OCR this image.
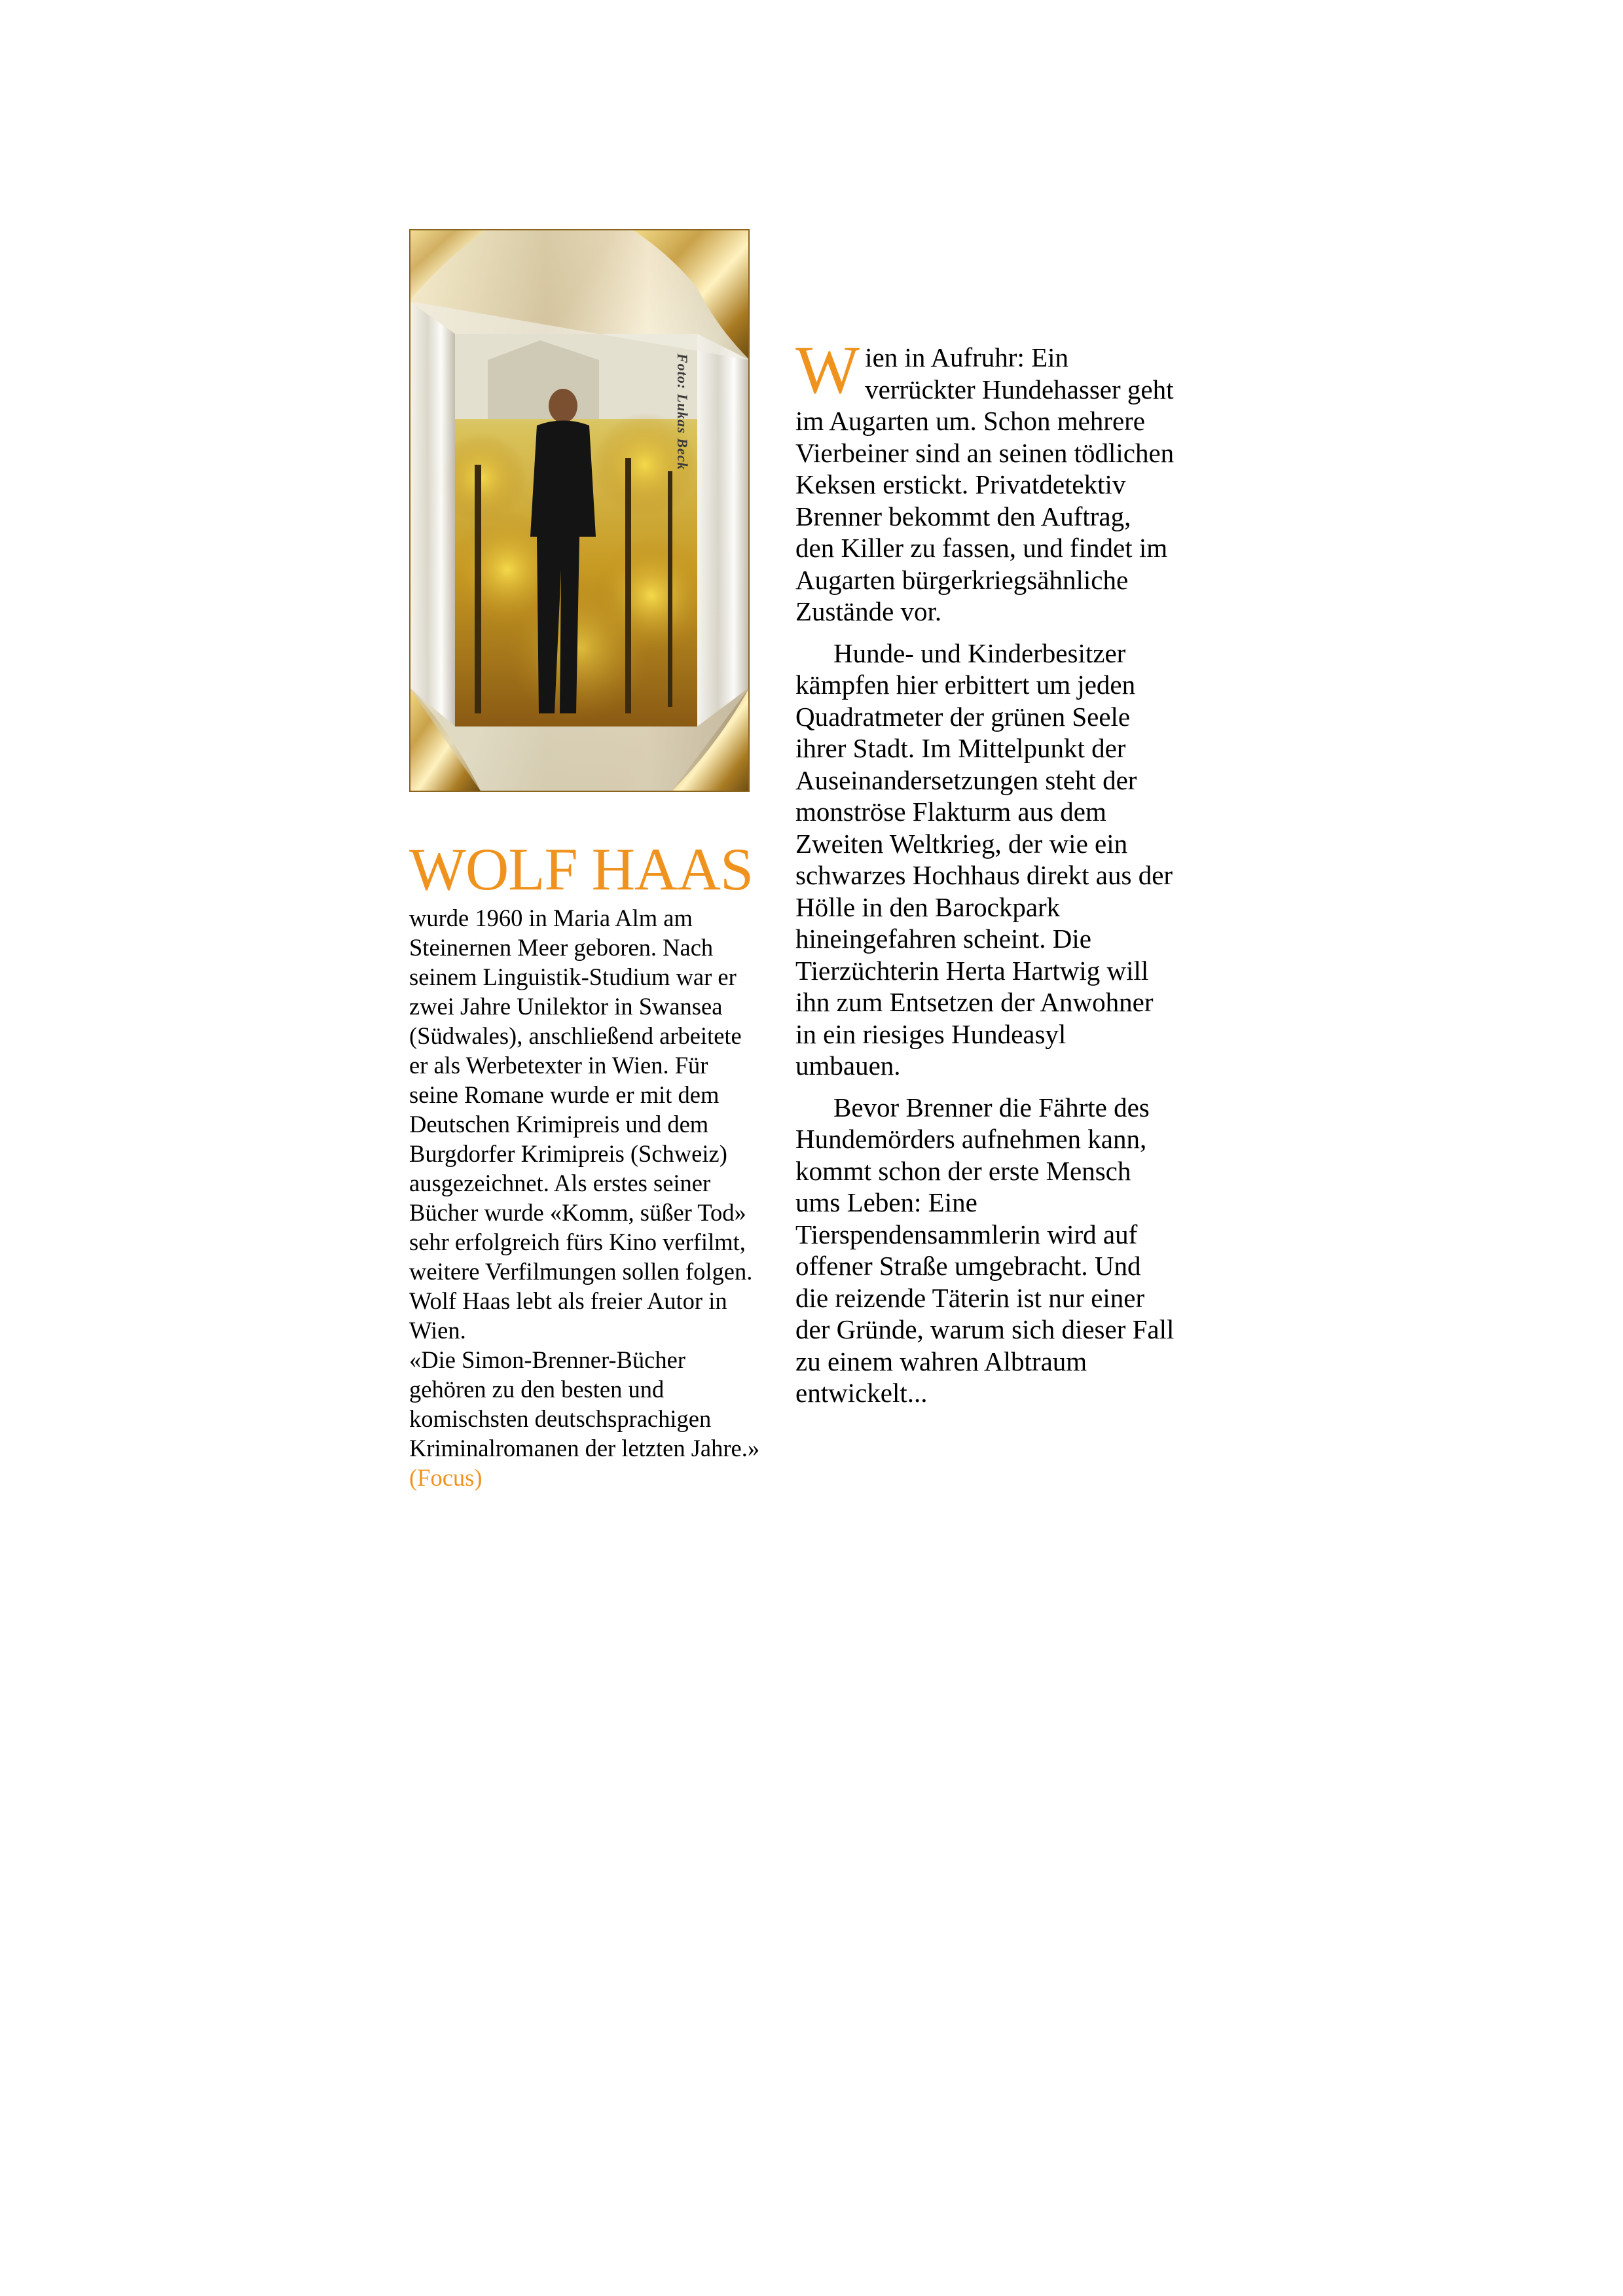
Foto: Lukas Beck
WOLF HAAS

wurde 1960 in Maria Alm am Steinernen Meer geboren. Nach seinem Linguistik-Studium war er zwei Jahre Unilektor in Swansea (Südwales), anschließend arbeitete er als Werbetexter in Wien. Für seine Romane wurde er mit dem Deutschen Krimipreis und dem Burgdorfer Krimipreis (Schweiz) ausgezeichnet. Als erstes seiner Bücher wurde «Komm, süßer Tod» sehr erfolgreich fürs Kino verfilmt, weitere Verfilmungen sollen folgen. Wolf Haas lebt als freier Autor in Wien.

«Die Simon-Brenner-Bücher gehören zu den besten und komischsten deutschsprachigen Kriminalromanen der letzten Jahre.» (Focus)

Wien in Aufruhr: Ein verrückter Hundehasser geht im Augarten um. Schon mehrere Vierbeiner sind an seinen tödlichen Keksen erstickt. Privatdetektiv Brenner bekommt den Auftrag, den Killer zu fassen, und findet im Augarten bürgerkriegsähnliche Zustände vor.

Hunde- und Kinderbesitzer kämpfen hier erbittert um jeden Quadratmeter der grünen Seele ihrer Stadt. Im Mittelpunkt der Auseinandersetzungen steht der monströse Flakturm aus dem Zweiten Weltkrieg, der wie ein schwarzes Hochhaus direkt aus der Hölle in den Barockpark hineingefahren scheint. Die Tierzüchterin Herta Hartwig will ihn zum Entsetzen der Anwohner in ein riesiges Hundeasyl umbauen.

Bevor Brenner die Fährte des Hundemörders aufnehmen kann, kommt schon der erste Mensch ums Leben: Eine Tierspendensammlerin wird auf offener Straße umgebracht. Und die reizende Täterin ist nur einer der Gründe, warum sich dieser Fall zu einem wahren Albtraum entwickelt...
